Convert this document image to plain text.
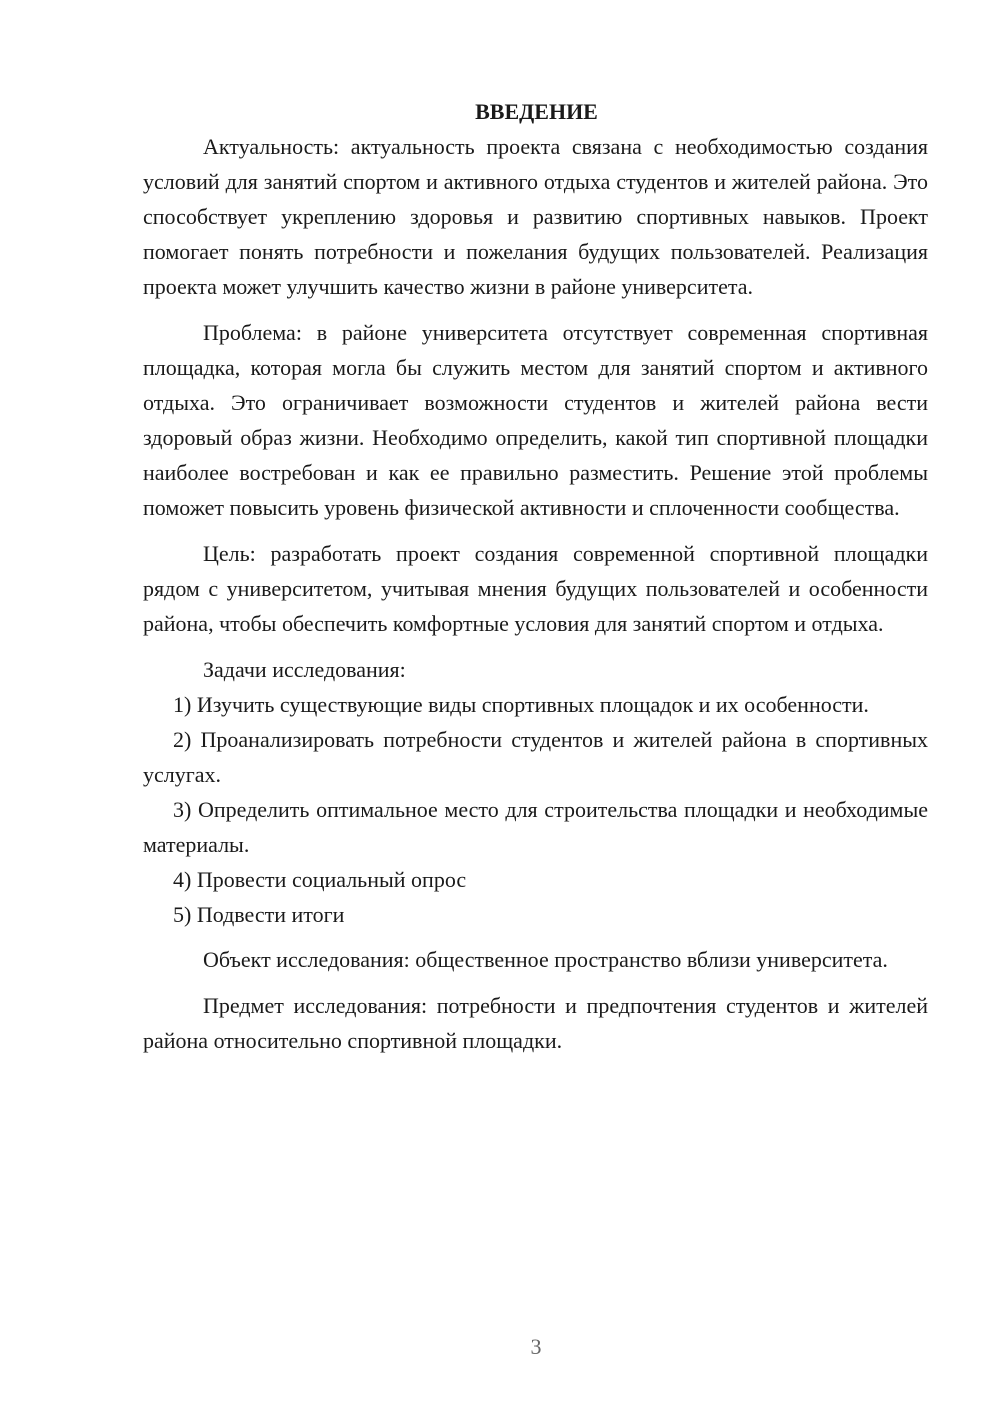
ВВЕДЕНИЕ

Актуальность: актуальность проекта связана с необходимостью создания условий для занятий спортом и активного отдыха студентов и жителей района. Это способствует укреплению здоровья и развитию спортивных навыков. Проект помогает понять потребности и пожелания будущих пользователей. Реализация проекта может улучшить качество жизни в районе университета.

Проблема: в районе университета отсутствует современная спортивная площадка, которая могла бы служить местом для занятий спортом и активного отдыха. Это ограничивает возможности студентов и жителей района вести здоровый образ жизни. Необходимо определить, какой тип спортивной площадки наиболее востребован и как ее правильно разместить. Решение этой проблемы поможет повысить уровень физической активности и сплоченности сообщества.

Цель: разработать проект создания современной спортивной площадки рядом с университетом, учитывая мнения будущих пользователей и особенности района, чтобы обеспечить комфортные условия для занятий спортом и отдыха.

Задачи исследования:

1) Изучить существующие виды спортивных площадок и их особенности.

2) Проанализировать потребности студентов и жителей района в спортивных услугах.

3) Определить оптимальное место для строительства площадки и необходимые материалы.

4) Провести социальный опрос

5) Подвести итоги

Объект исследования: общественное пространство вблизи университета.

Предмет исследования: потребности и предпочтения студентов и жителей района относительно спортивной площадки.

3
